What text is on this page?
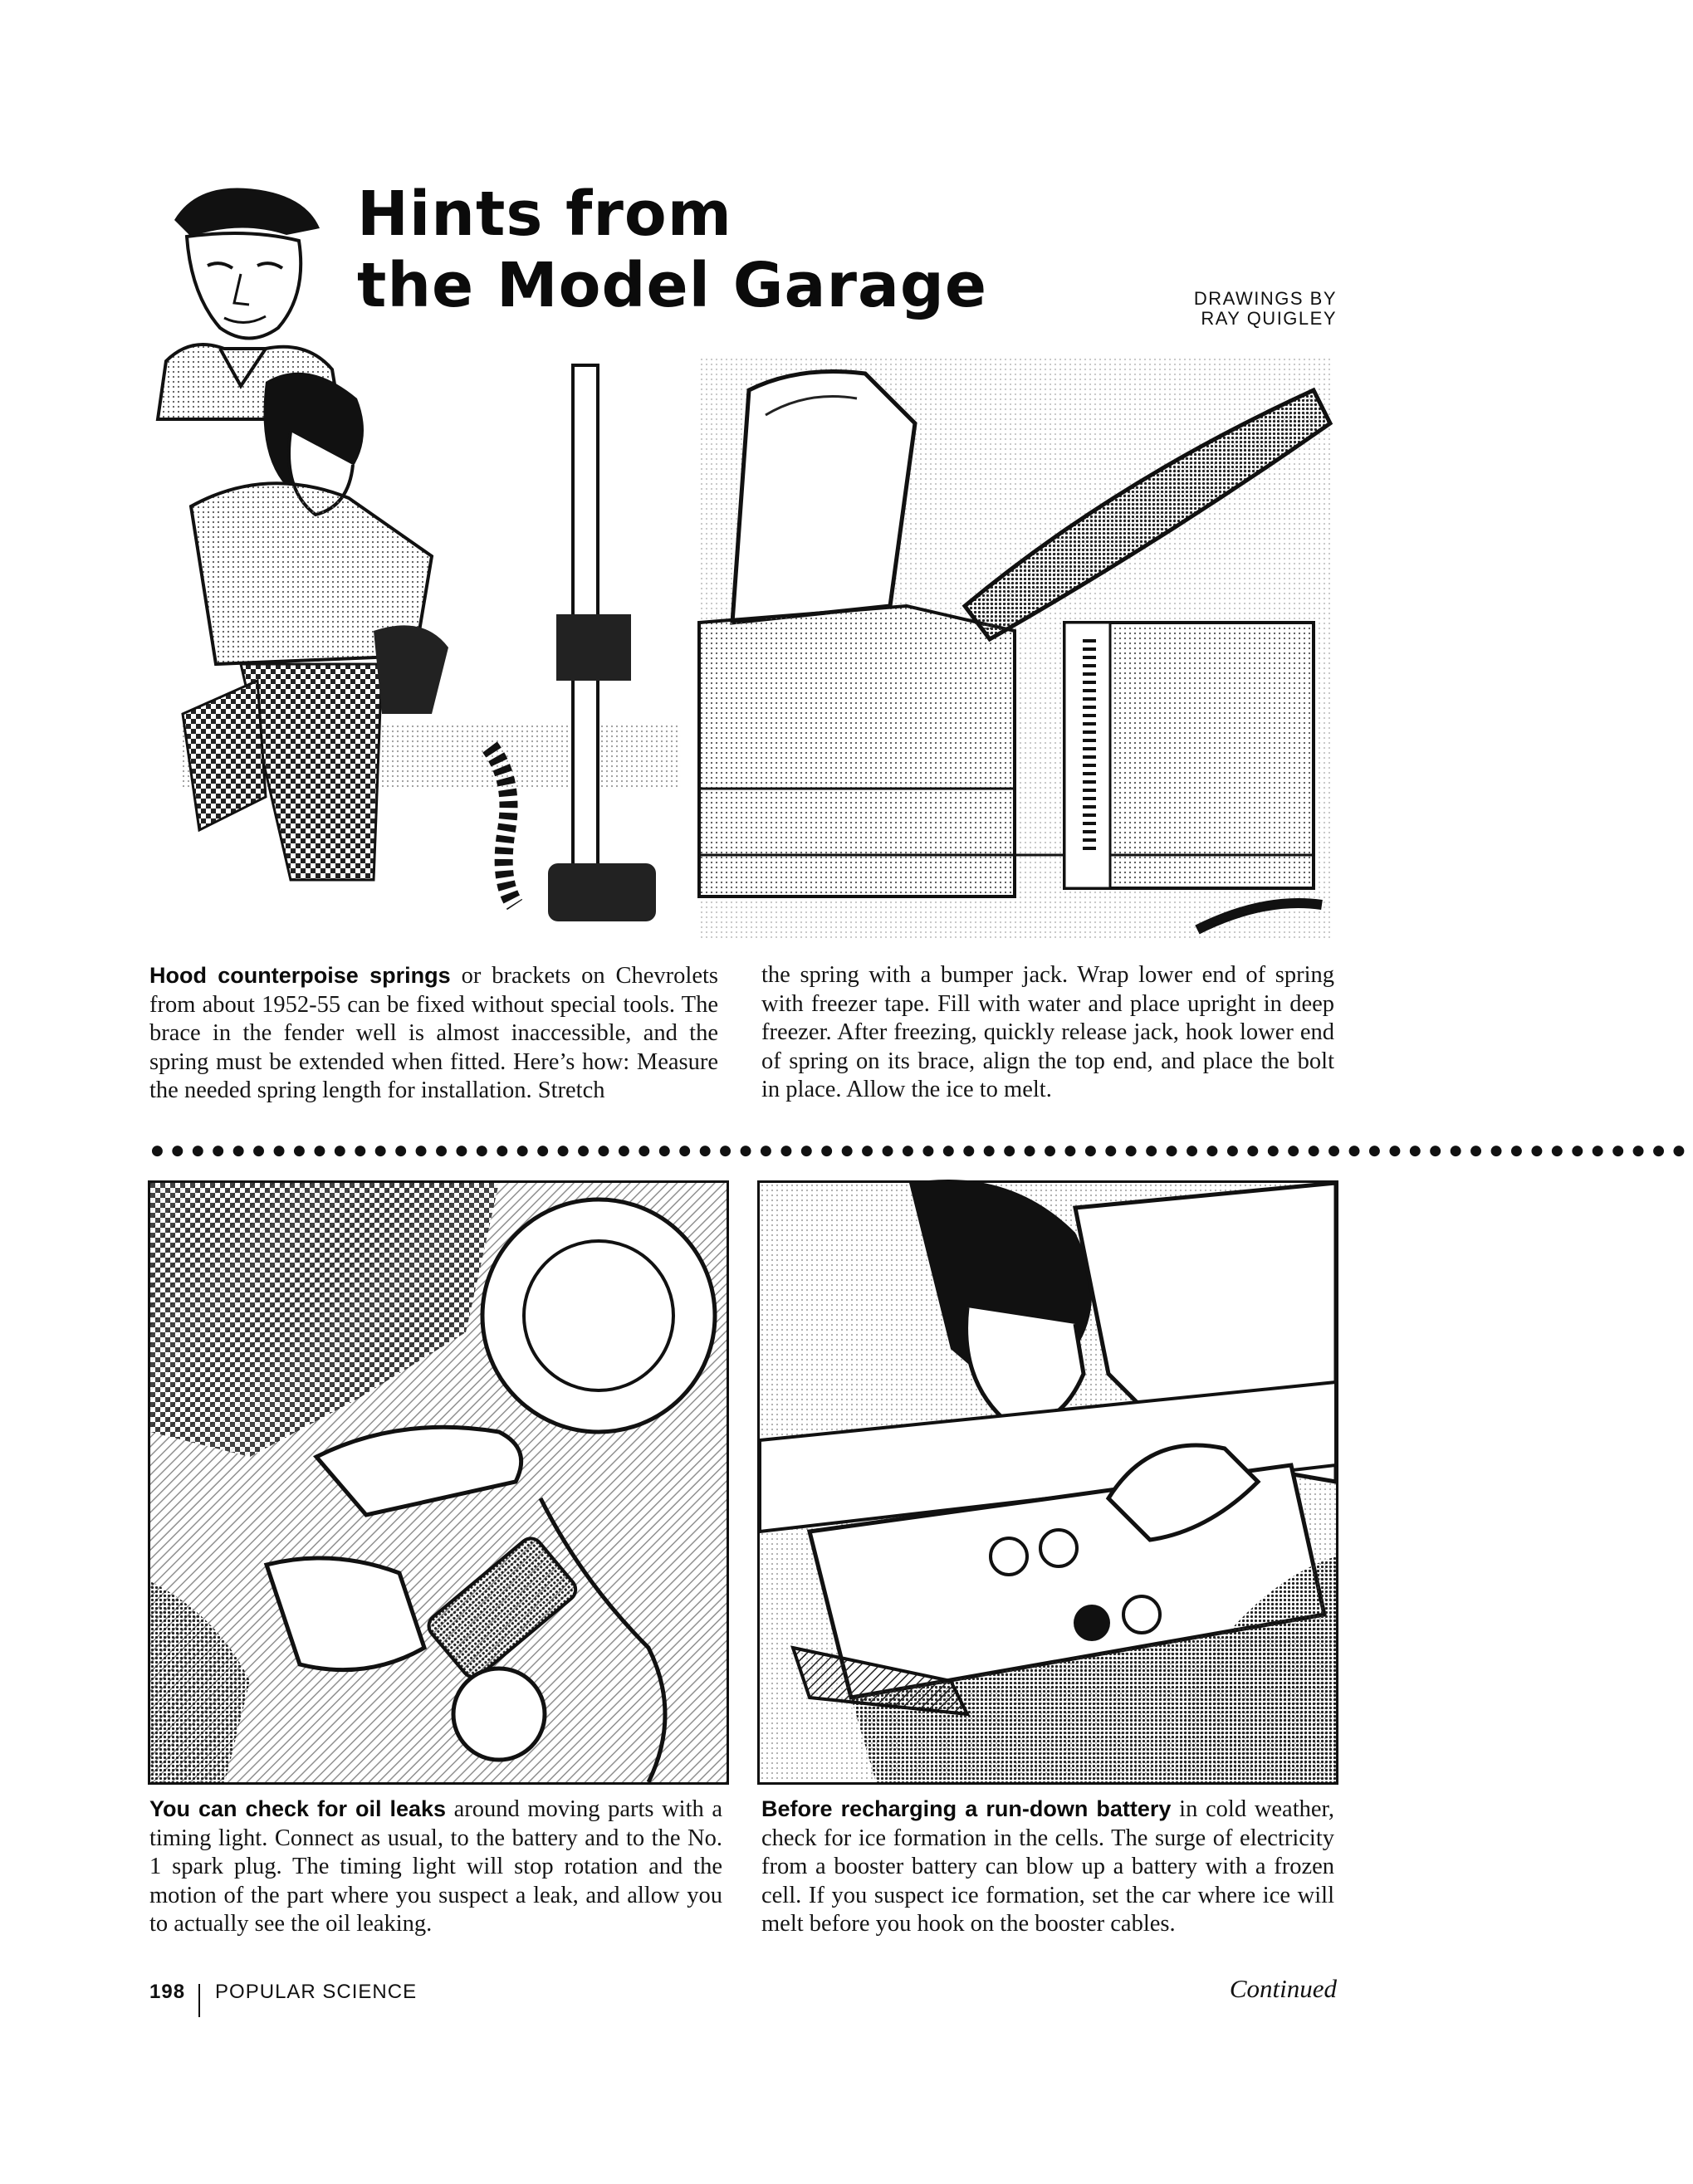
Hints from
the Model Garage	DRAWINGS BY
RAY QUIGLEY
Hood counterpoise springs or brackets on Chevrolets from about 1952-55 can be fixed without special tools. The brace in the fender well is almost inaccessible, and the spring must be extended when fitted. Here’s how: Measure the needed spring length for installation. Stretch
the spring with a bumper jack. Wrap lower end of spring with freezer tape. Fill with water and place upright in deep freezer. After freezing, quickly release jack, hook lower end of spring on its brace, align the top end, and place the bolt in place. Allow the ice to melt.
●●●●●●●●●●●●●●●●●●●●●●●●●●●●●●●●●●●●●●●●●●●●●●●●●●●●●●●●●●●●●●●●●●●●●●●●●●●●
You can check for oil leaks around moving parts with a timing light. Connect as usual, to the battery and to the No. 1 spark plug. The timing light will stop rotation and the motion of the part where you suspect a leak, and allow you to actually see the oil leaking.
Before recharging a run-down battery in cold weather, check for ice formation in the cells. The surge of electricity from a booster battery can blow up a battery with a frozen cell. If you suspect ice formation, set the car where ice will melt before you hook on the booster cables.
198 POPULAR SCIENCE	Continued
